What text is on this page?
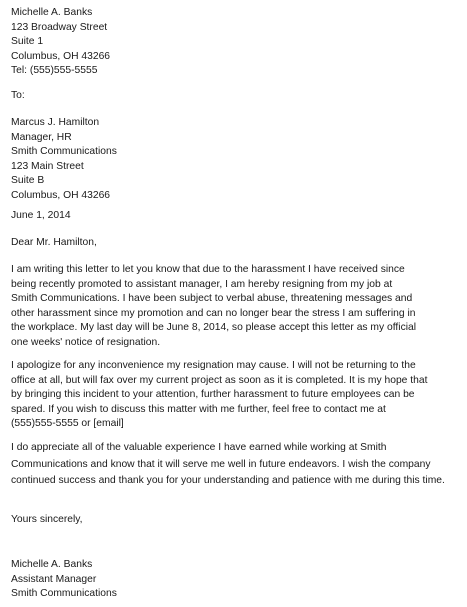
Michelle A. Banks
123 Broadway Street
Suite 1
Columbus, OH 43266
Tel: (555)555-5555
To:
Marcus J. Hamilton
Manager, HR
Smith Communications
123 Main Street
Suite B
Columbus, OH 43266
June 1, 2014
Dear Mr. Hamilton,
I am writing this letter to let you know that due to the harassment I have received since
being recently promoted to assistant manager, I am hereby resigning from my job at
Smith Communications. I have been subject to verbal abuse, threatening messages and
other harassment since my promotion and can no longer bear the stress I am suffering in
the workplace. My last day will be June 8, 2014, so please accept this letter as my official
one weeks' notice of resignation.
I apologize for any inconvenience my resignation may cause. I will not be returning to the
office at all, but will fax over my current project as soon as it is completed. It is my hope that
by bringing this incident to your attention, further harassment to future employees can be
spared. If you wish to discuss this matter with me further, feel free to contact me at
(555)555-5555 or [email]
I do appreciate all of the valuable experience I have earned while working at Smith
Communications and know that it will serve me well in future endeavors. I wish the company
continued success and thank you for your understanding and patience with me during this time.
Yours sincerely,
Michelle A. Banks
Assistant Manager
Smith Communications
